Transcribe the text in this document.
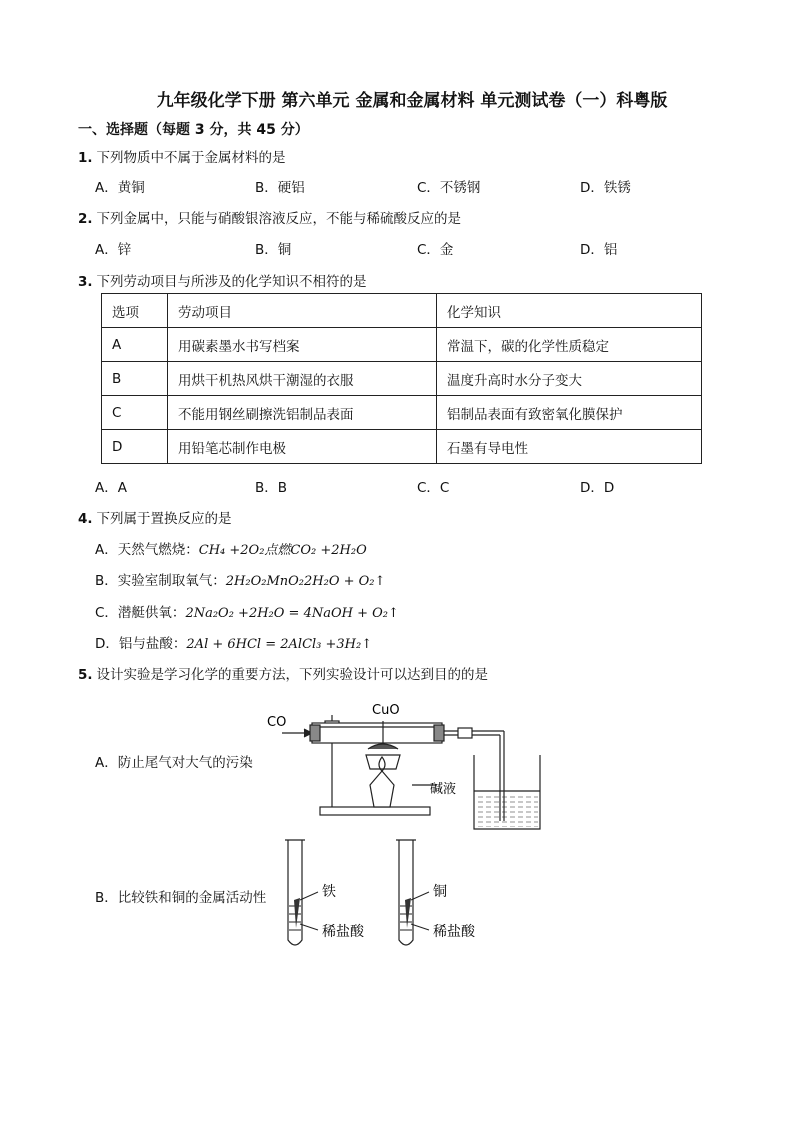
九年级化学下册 第六单元 金属和金属材料 单元测试卷（一）科粤版
一、选择题（每题 3 分，共 45 分）
1. 下列物质中不属于金属材料的是
A．黄铜	B．硬铝	C．不锈钢	D．铁锈
2. 下列金属中，只能与硝酸银溶液反应，不能与稀硫酸反应的是
A．锌	B．铜	C．金	D．铝
3. 下列劳动项目与所涉及的化学知识不相符的是
选项	劳动项目	化学知识
A	用碳素墨水书写档案	常温下，碳的化学性质稳定
B	用烘干机热风烘干潮湿的衣服	温度升高时水分子变大
C	不能用钢丝刷擦洗铝制品表面	铝制品表面有致密氧化膜保护
D	用铅笔芯制作电极	石墨有导电性
A．A	B．B	C．C	D．D
4. 下列属于置换反应的是
A．天然气燃烧：CH₄ +2O₂点燃CO₂ +2H₂O
B．实验室制取氧气：2H₂O₂MnO₂2H₂O + O₂↑
C．潜艇供氧：2Na₂O₂ +2H₂O = 4NaOH + O₂↑
D．铝与盐酸：2Al + 6HCl = 2AlCl₃ +3H₂↑
5. 设计实验是学习化学的重要方法，下列实验设计可以达到目的的是
A．防止尾气对大气的污染
B．比较铁和铜的金属活动性
CO
CuO
碱液
铁
稀盐酸
铜
稀盐酸
